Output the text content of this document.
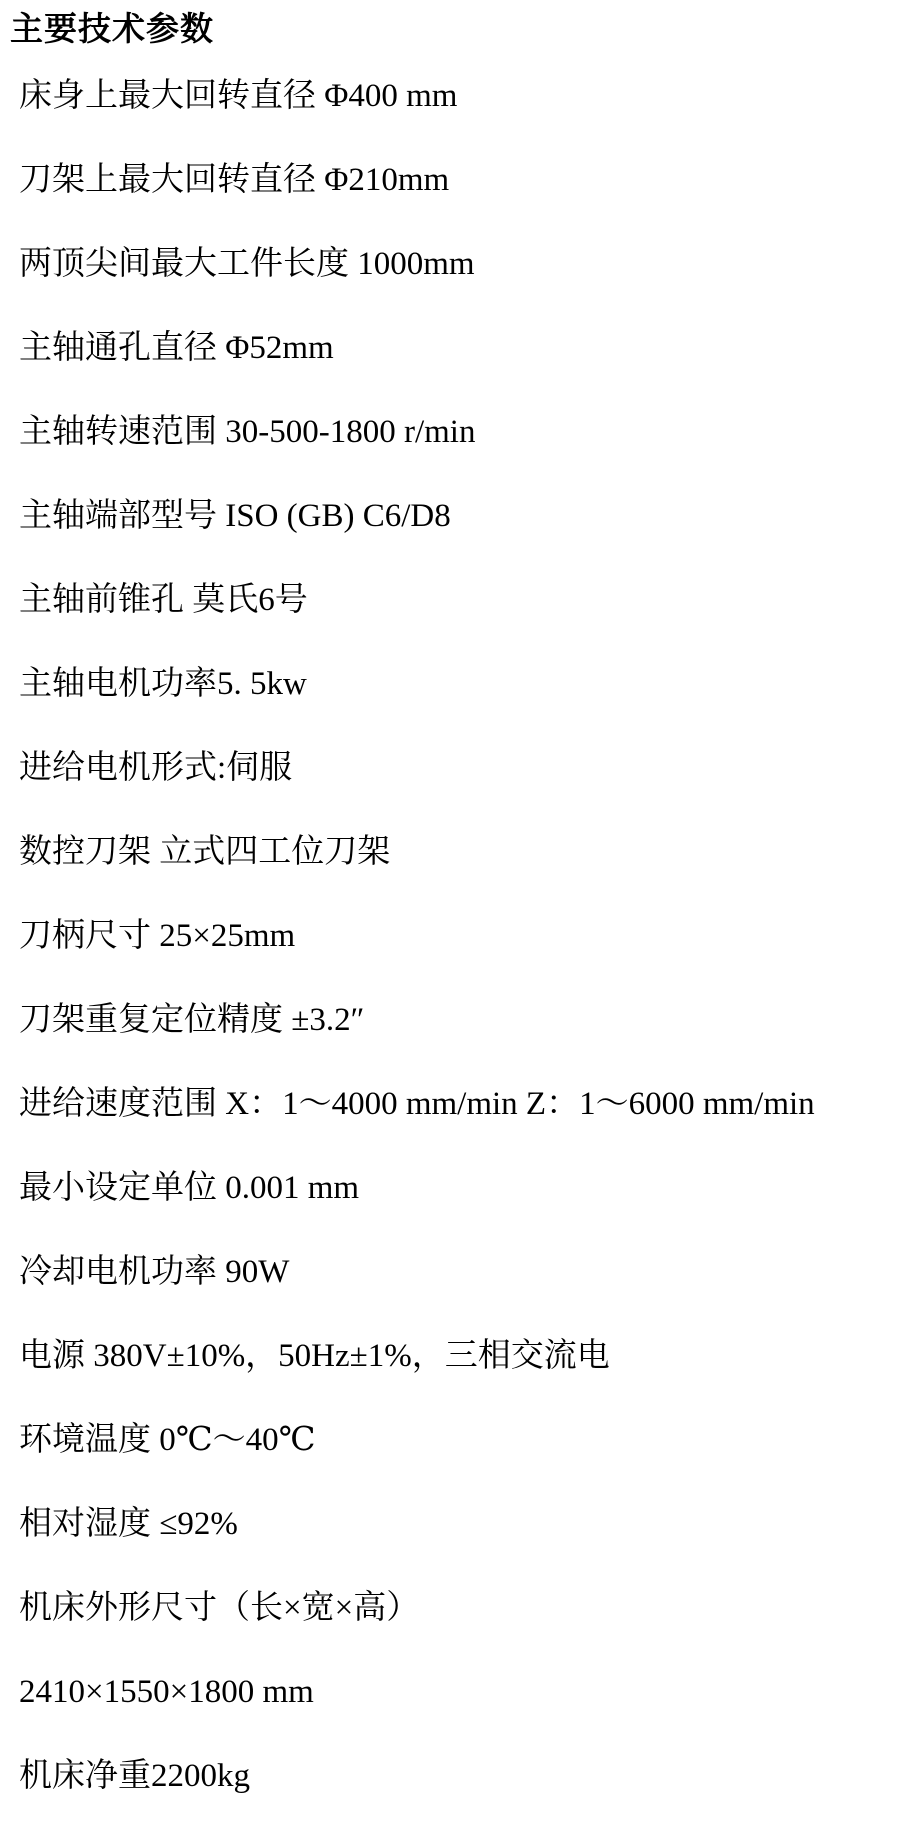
主要技术参数

床身上最大回转直径 Φ400 mm

刀架上最大回转直径 Φ210mm

两顶尖间最大工件长度 1000mm

主轴通孔直径 Φ52mm

主轴转速范围 30-500-1800 r/min

主轴端部型号 ISO (GB) C6/D8

主轴前锥孔 莫氏6号

主轴电机功率5. 5kw

进给电机形式:伺服

数控刀架 立式四工位刀架

刀柄尺寸 25×25mm

刀架重复定位精度 ±3.2″

进给速度范围 X：1～4000 mm/min Z：1～6000 mm/min

最小设定单位 0.001 mm

冷却电机功率 90W

电源 380V±10%，50Hz±1%，三相交流电

环境温度 0℃～40℃

相对湿度 ≤92%

机床外形尺寸（长×宽×高）

2410×1550×1800 mm

机床净重2200kg
